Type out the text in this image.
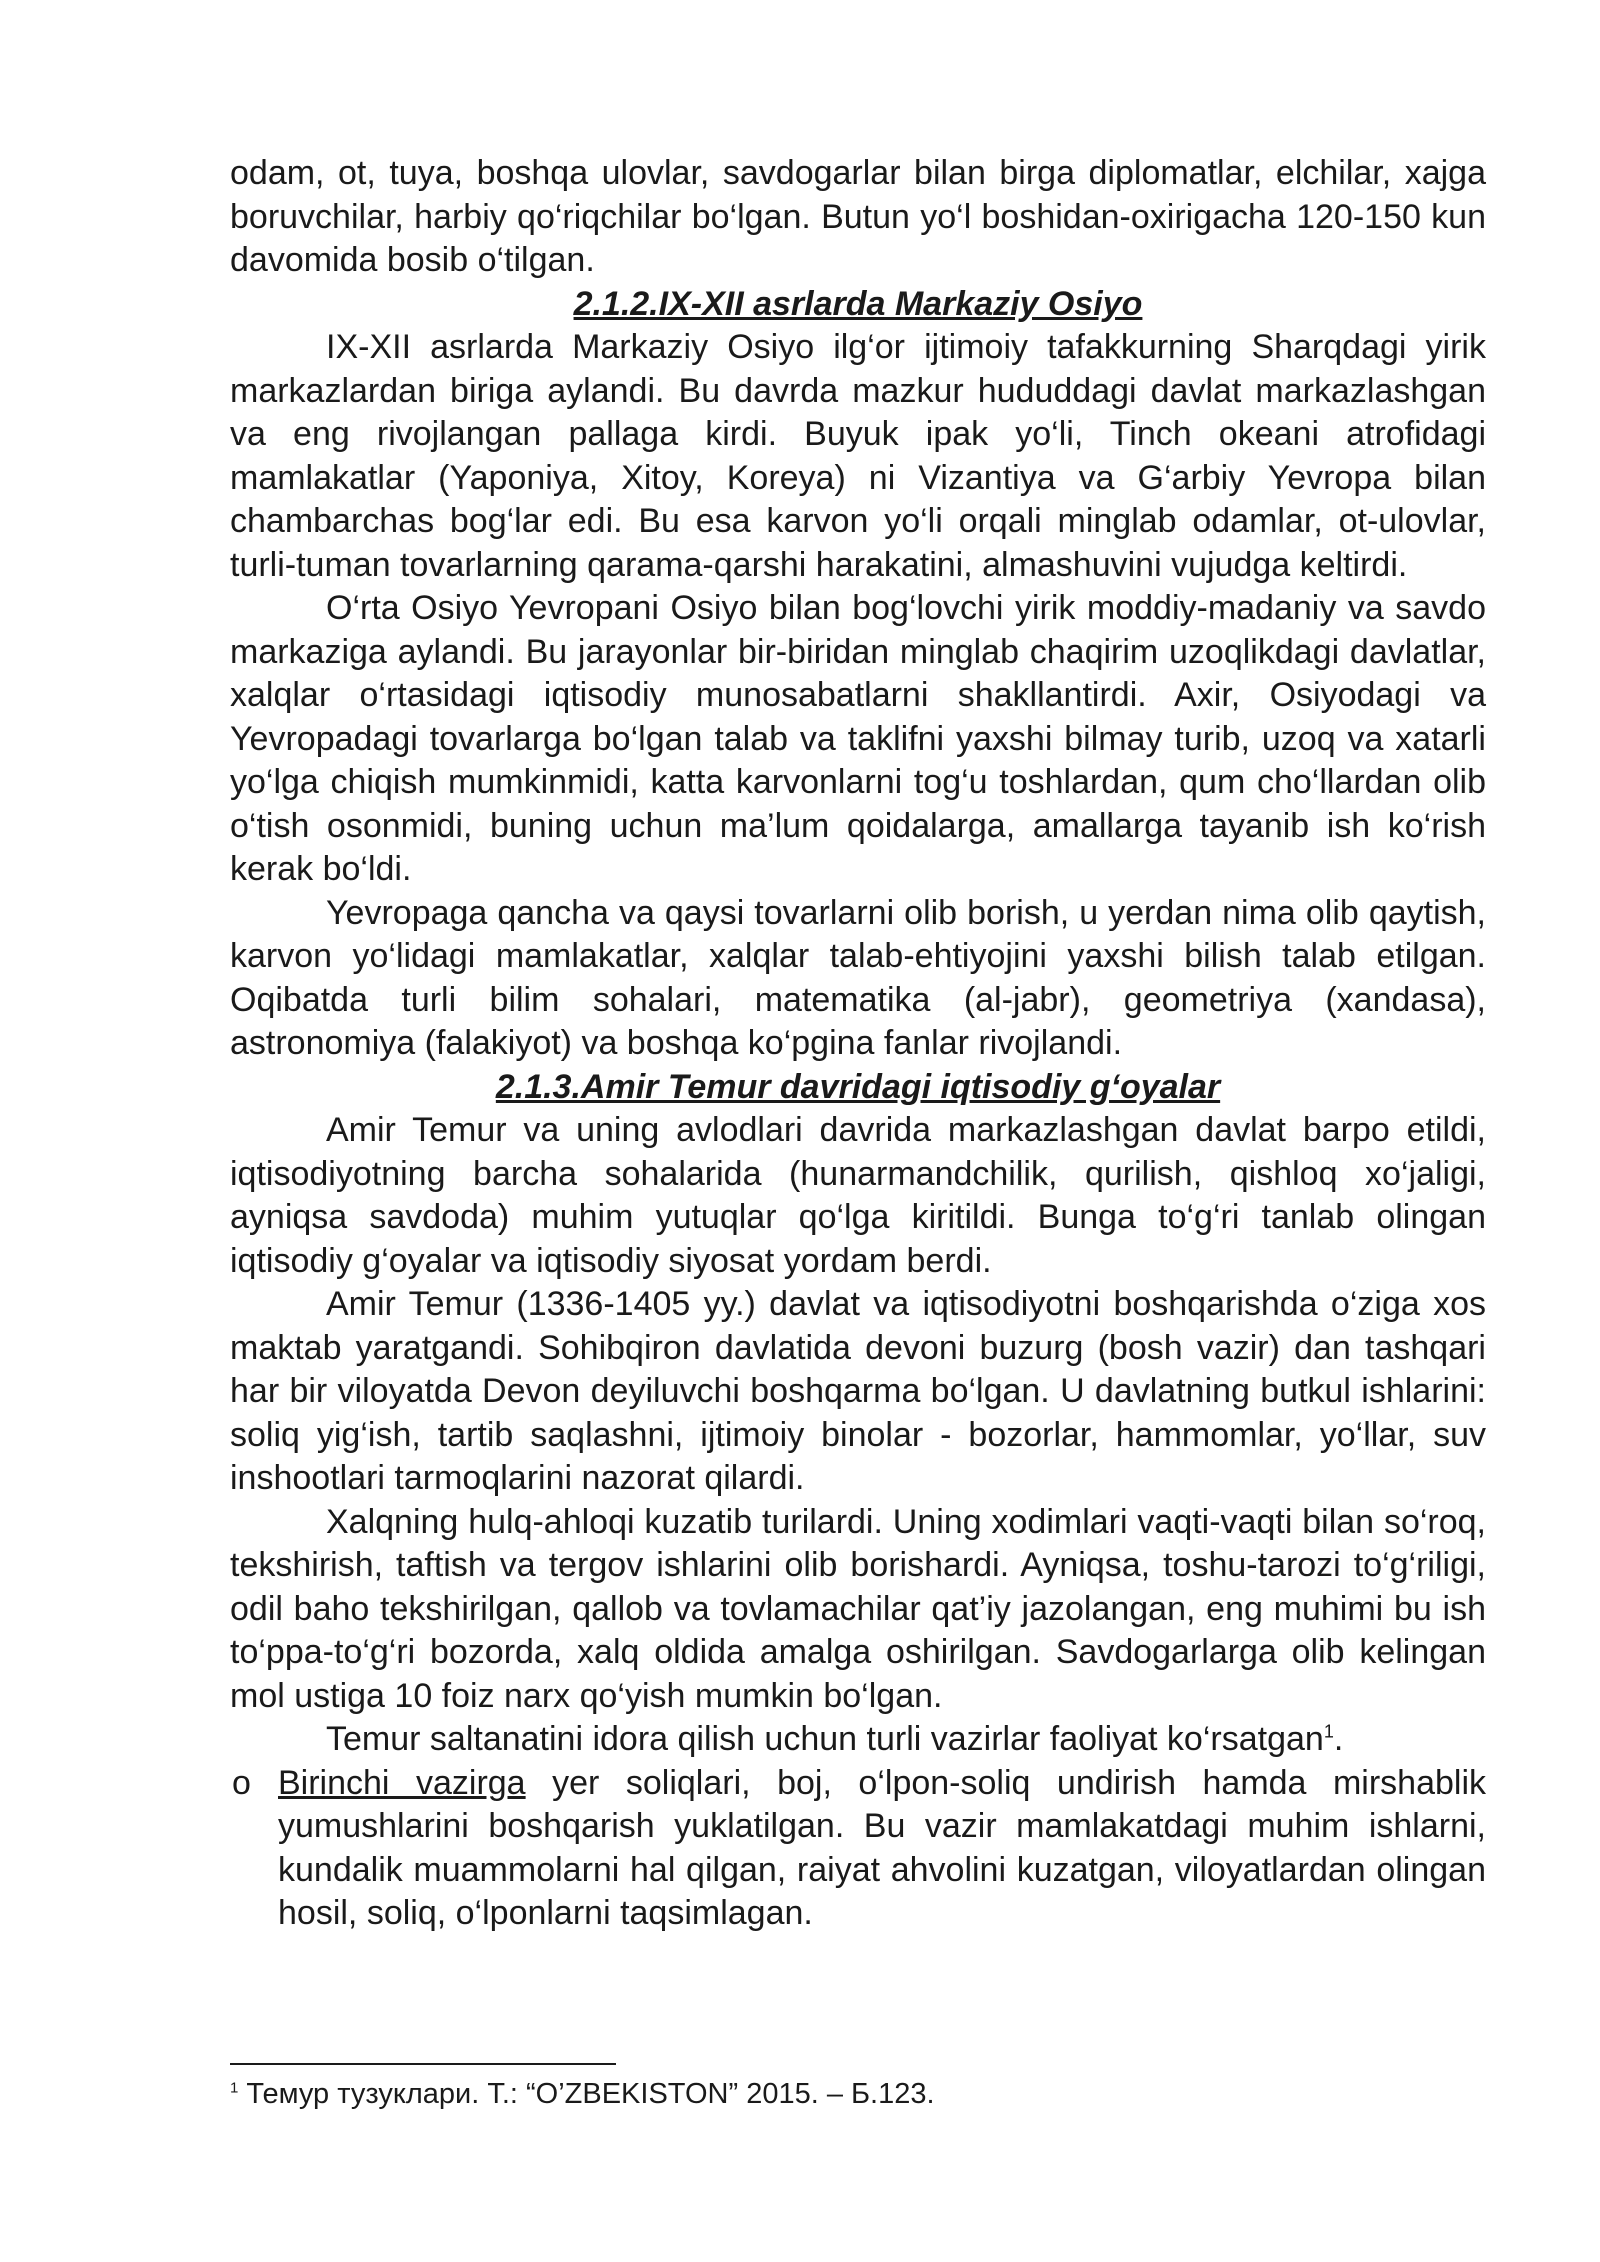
odam, ot, tuya, boshqa ulovlar, savdogarlar bilan birga diplomatlar, elchilar, xajga boruvchilar, harbiy qo‘riqchilar bo‘lgan. Butun yo‘l boshidan-oxirigacha 120-150 kun davomida bosib o‘tilgan.

2.1.2.IX-XII asrlarda Markaziy Osiyo

IX-XII asrlarda Markaziy Osiyo ilg‘or ijtimoiy tafakkurning Sharqdagi yirik markazlardan biriga aylandi. Bu davrda mazkur hududdagi davlat markazlashgan va eng rivojlangan pallaga kirdi. Buyuk ipak yo‘li, Tinch okeani atrofidagi mamlakatlar (Yaponiya, Xitoy, Koreya) ni Vizantiya va G‘arbiy Yevropa bilan chambarchas bog‘lar edi. Bu esa karvon yo‘li orqali minglab odamlar, ot-ulovlar, turli-tuman tovarlarning qarama-qarshi harakatini, almashuvini vujudga keltirdi.

O‘rta Osiyo Yevropani Osiyo bilan bog‘lovchi yirik moddiy-madaniy va savdo markaziga aylandi. Bu jarayonlar bir-biridan minglab chaqirim uzoqlikdagi davlatlar, xalqlar o‘rtasidagi iqtisodiy munosabatlarni shakllantirdi. Axir, Osiyodagi va Yevropadagi tovarlarga bo‘lgan talab va taklifni yaxshi bilmay turib, uzoq va xatarli yo‘lga chiqish mumkinmidi, katta karvonlarni tog‘u toshlardan, qum cho‘llardan olib o‘tish osonmidi, buning uchun ma’lum qoidalarga, amallarga tayanib ish ko‘rish kerak bo‘ldi.

Yevropaga qancha va qaysi tovarlarni olib borish, u yerdan nima olib qaytish, karvon yo‘lidagi mamlakatlar, xalqlar talab-ehtiyojini yaxshi bilish talab etilgan. Oqibatda turli bilim sohalari, matematika (al-jabr), geometriya (xandasa), astronomiya (falakiyot) va boshqa ko‘pgina fanlar rivojlandi.

2.1.3.Amir Temur davridagi iqtisodiy g‘oyalar

Amir Temur va uning avlodlari davrida markazlashgan davlat barpo etildi, iqtisodiyotning barcha sohalarida (hunarmandchilik, qurilish, qishloq xo‘jaligi, ayniqsa savdoda) muhim yutuqlar qo‘lga kiritildi. Bunga to‘g‘ri tanlab olingan iqtisodiy g‘oyalar va iqtisodiy siyosat yordam berdi.

Amir Temur (1336-1405 yy.) davlat va iqtisodiyotni boshqarishda o‘ziga xos maktab yaratgandi. Sohibqiron davlatida devoni buzurg (bosh vazir) dan tashqari har bir viloyatda Devon deyiluvchi boshqarma bo‘lgan. U davlatning butkul ishlarini: soliq yig‘ish, tartib saqlashni, ijtimoiy binolar - bozorlar, hammomlar, yo‘llar, suv inshootlari tarmoqlarini nazorat qilardi.

Xalqning hulq-ahloqi kuzatib turilardi. Uning xodimlari vaqti-vaqti bilan so‘roq, tekshirish, taftish va tergov ishlarini olib borishardi. Ayniqsa, toshu-tarozi to‘g‘riligi, odil baho tekshirilgan, qallob va tovlamachilar qat’iy jazolangan, eng muhimi bu ish to‘ppa-to‘g‘ri bozorda, xalq oldida amalga oshirilgan. Savdogarlarga olib kelingan mol ustiga 10 foiz narx qo‘yish mumkin bo‘lgan.

Temur saltanatini idora qilish uchun turli vazirlar faoliyat ko‘rsatgan$^1$.

o Birinchi vazirga yer soliqlari, boj, o‘lpon-soliq undirish hamda mirshablik yumushlarini boshqarish yuklatilgan. Bu vazir mamlakatdagi muhim ishlarni, kundalik muammolarni hal qilgan, raiyat ahvolini kuzatgan, viloyatlardan olingan hosil, soliq, o‘lponlarni taqsimlagan.

$^1$ Темур тузуклари. Т.: “O’ZBEKISTON” 2015. – Б.123.
